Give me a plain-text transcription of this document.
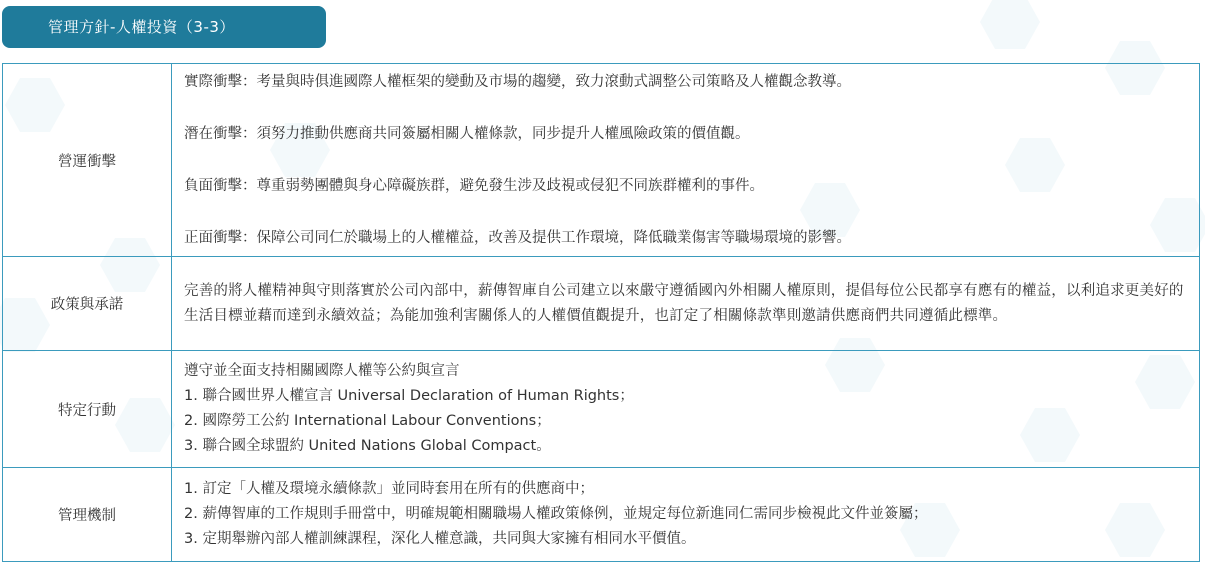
管理方針-人權投資（3-3）
營運衝擊	實際衝擊：考量與時俱進國際人權框架的變動及市場的趨變，致力滾動式調整公司策略及人權觀念教導。

潛在衝擊：須努力推動供應商共同簽屬相關人權條款，同步提升人權風險政策的價值觀。

負面衝擊：尊重弱勢團體與身心障礙族群，避免發生涉及歧視或侵犯不同族群權利的事件。

正面衝擊：保障公司同仁於職場上的人權權益，改善及提供工作環境，降低職業傷害等職場環境的影響。

政策與承諾	完善的將人權精神與守則落實於公司內部中，薪傳智庫自公司建立以來嚴守遵循國內外相關人權原則，提倡每位公民都享有應有的權益，以利追求更美好的生活目標並藉而達到永續效益；為能加強利害關係人的人權價值觀提升，也訂定了相關條款準則邀請供應商們共同遵循此標準。
特定行動	遵守並全面支持相關國際人權等公約與宣言
1. 聯合國世界人權宣言 Universal Declaration of Human Rights；
2. 國際勞工公約 International Labour Conventions；
3. 聯合國全球盟約 United Nations Global Compact。

管理機制	1. 訂定「人權及環境永續條款」並同時套用在所有的供應商中；
2. 薪傳智庫的工作規則手冊當中，明確規範相關職場人權政策條例，並規定每位新進同仁需同步檢視此文件並簽屬；
3. 定期舉辦內部人權訓練課程，深化人權意識，共同與大家擁有相同水平價值。
